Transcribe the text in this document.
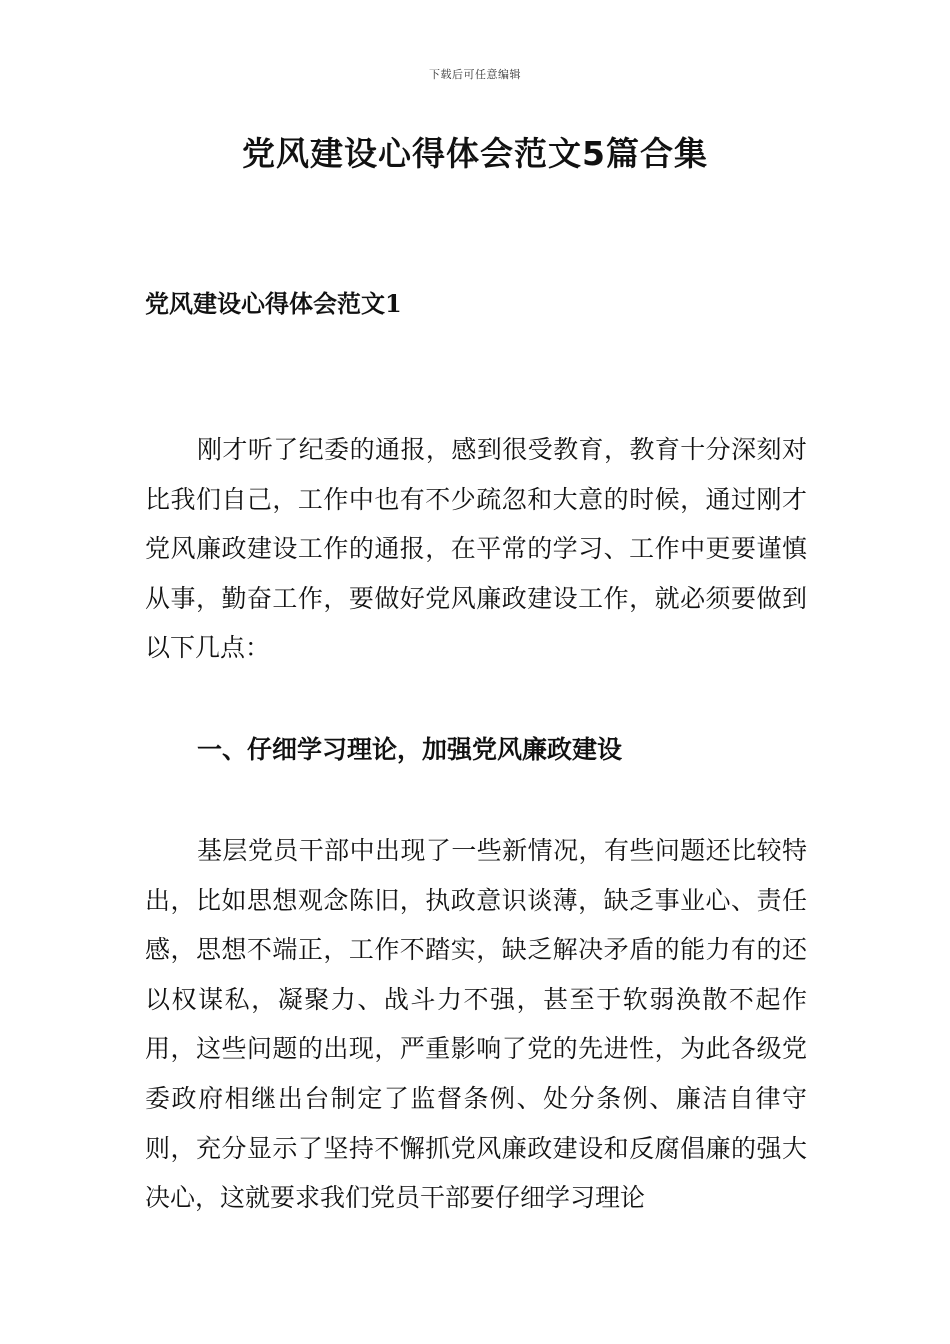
下载后可任意编辑
党风建设心得体会范文5篇合集
党风建设心得体会范文1

刚才听了纪委的通报，感到很受教育，教育十分深刻对比我们自己，工作中也有不少疏忽和大意的时候，通过刚才党风廉政建设工作的通报，在平常的学习、工作中更要谨慎从事，勤奋工作，要做好党风廉政建设工作，就必须要做到以下几点：

一、仔细学习理论，加强党风廉政建设

基层党员干部中出现了一些新情况，有些问题还比较特出，比如思想观念陈旧，执政意识谈薄，缺乏事业心、责任感，思想不端正，工作不踏实，缺乏解决矛盾的能力有的还以权谋私，凝聚力、战斗力不强，甚至于软弱涣散不起作用，这些问题的出现，严重影响了党的先进性，为此各级党委政府相继出台制定了监督条例、处分条例、廉洁自律守则，充分显示了坚持不懈抓党风廉政建设和反腐倡廉的强大决心，这就要求我们党员干部要仔细学习理论
